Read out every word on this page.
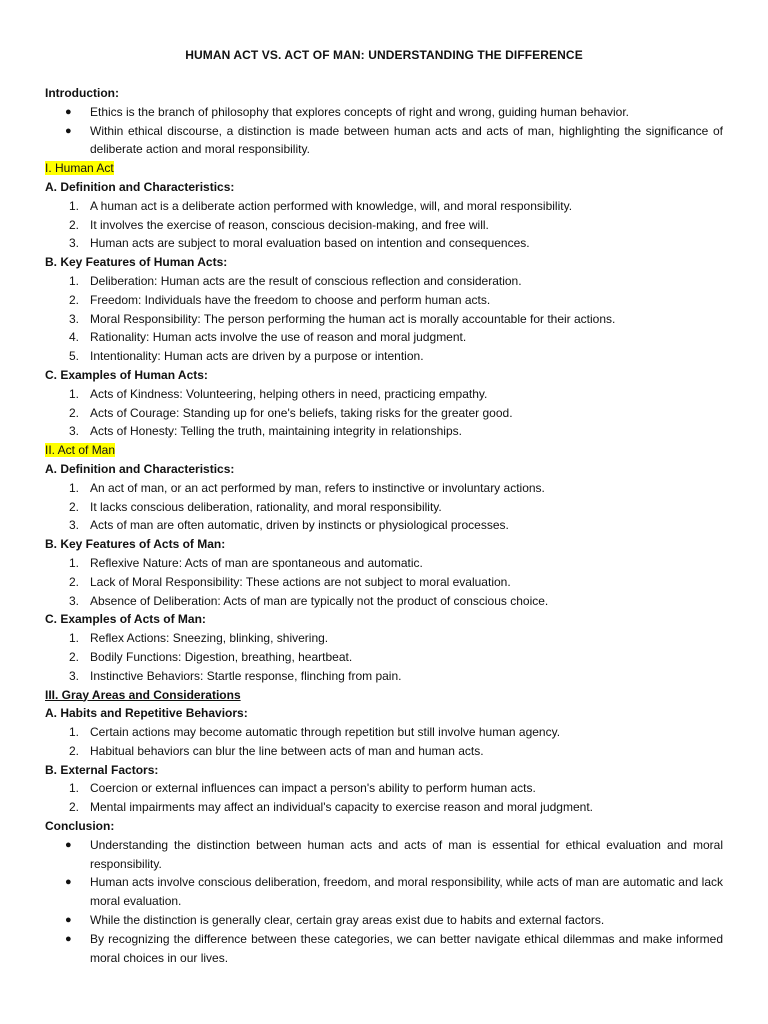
HUMAN ACT VS. ACT OF MAN: UNDERSTANDING THE DIFFERENCE

Introduction:

● Ethics is the branch of philosophy that explores concepts of right and wrong, guiding human behavior.
● Within ethical discourse, a distinction is made between human acts and acts of man, highlighting the significance of deliberate action and moral responsibility.

I. Human Act

A. Definition and Characteristics:

1. A human act is a deliberate action performed with knowledge, will, and moral responsibility.
2. It involves the exercise of reason, conscious decision-making, and free will.
3. Human acts are subject to moral evaluation based on intention and consequences.

B. Key Features of Human Acts:

1. Deliberation: Human acts are the result of conscious reflection and consideration.
2. Freedom: Individuals have the freedom to choose and perform human acts.
3. Moral Responsibility: The person performing the human act is morally accountable for their actions.
4. Rationality: Human acts involve the use of reason and moral judgment.
5. Intentionality: Human acts are driven by a purpose or intention.

C. Examples of Human Acts:

1. Acts of Kindness: Volunteering, helping others in need, practicing empathy.
2. Acts of Courage: Standing up for one's beliefs, taking risks for the greater good.
3. Acts of Honesty: Telling the truth, maintaining integrity in relationships.

II. Act of Man

A. Definition and Characteristics:

1. An act of man, or an act performed by man, refers to instinctive or involuntary actions.
2. It lacks conscious deliberation, rationality, and moral responsibility.
3. Acts of man are often automatic, driven by instincts or physiological processes.

B. Key Features of Acts of Man:

1. Reflexive Nature: Acts of man are spontaneous and automatic.
2. Lack of Moral Responsibility: These actions are not subject to moral evaluation.
3. Absence of Deliberation: Acts of man are typically not the product of conscious choice.

C. Examples of Acts of Man:

1. Reflex Actions: Sneezing, blinking, shivering.
2. Bodily Functions: Digestion, breathing, heartbeat.
3. Instinctive Behaviors: Startle response, flinching from pain.

III. Gray Areas and Considerations

A. Habits and Repetitive Behaviors:

1. Certain actions may become automatic through repetition but still involve human agency.
2. Habitual behaviors can blur the line between acts of man and human acts.

B. External Factors:

1. Coercion or external influences can impact a person's ability to perform human acts.
2. Mental impairments may affect an individual's capacity to exercise reason and moral judgment.

Conclusion:

● Understanding the distinction between human acts and acts of man is essential for ethical evaluation and moral responsibility.
● Human acts involve conscious deliberation, freedom, and moral responsibility, while acts of man are automatic and lack moral evaluation.
● While the distinction is generally clear, certain gray areas exist due to habits and external factors.
● By recognizing the difference between these categories, we can better navigate ethical dilemmas and make informed moral choices in our lives.
